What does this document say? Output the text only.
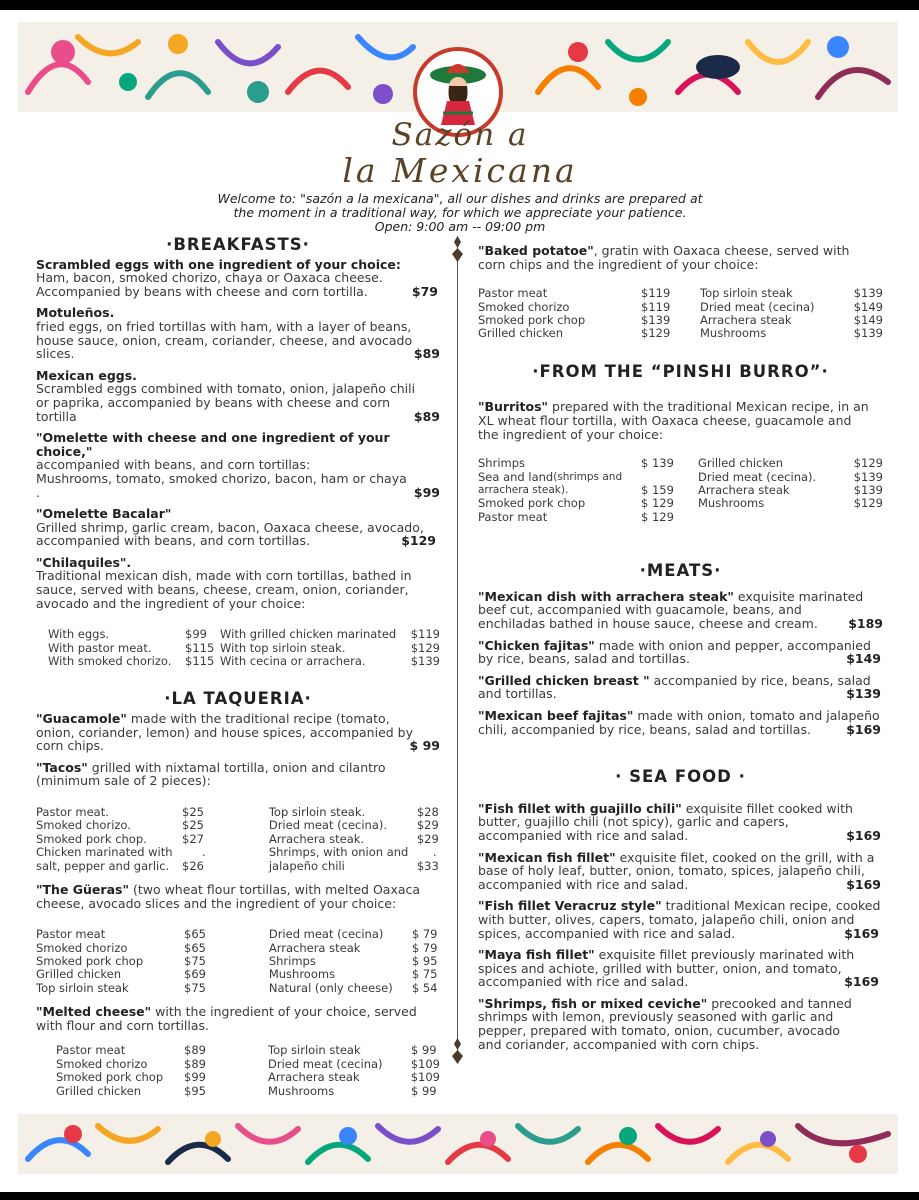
Sazón a
la Mexicana
Welcome to: "sazón a la mexicana", all our dishes and drinks are prepared at
the moment in a traditional way, for which we appreciate your patience.
Open: 9:00 am -- 09:00 pm
·BREAKFASTS·
Scrambled eggs with one ingredient of your choice:
Ham, bacon, smoked chorizo, chaya or Oaxaca cheese.
Accompanied by beans with cheese and corn tortilla.	$79
Motuleños.
fried eggs, on fried tortillas with ham, with a layer of beans,
house sauce, onion, cream, coriander, cheese, and avocado
slices.	$89
Mexican eggs.
Scrambled eggs combined with tomato, onion, jalapeño chili
or paprika, accompanied by beans with cheese and corn
tortilla	$89
"Omelette with cheese and one ingredient of your choice,"
accompanied with beans, and corn tortillas:
Mushrooms, tomato, smoked chorizo, bacon, ham or chaya
.	$99
"Omelette Bacalar"
Grilled shrimp, garlic cream, bacon, Oaxaca cheese, avocado,
accompanied with beans, and corn tortillas.	$129
"Chilaquiles".
Traditional mexican dish, made with corn tortillas, bathed in
sauce, served with beans, cheese, cream, onion, coriander,
avocado and the ingredient of your choice:
With eggs.	$99
With pastor meat.	$115
With smoked chorizo.	$115
With grilled chicken marinated	$119
With top sirloin steak.	$129
With cecina or arrachera.	$139
·LA TAQUERIA·
"Guacamole" made with the traditional recipe (tomato,
onion, coriander, lemon) and house spices, accompanied by
corn chips.	$ 99
"Tacos" grilled with nixtamal tortilla, onion and cilantro
(minimum sale of 2 pieces):
Pastor meat.	$25
Smoked chorizo.	$25
Smoked pork chop.	$27
Chicken marinated with	.
salt, pepper and garlic.	$26
Top sirloin steak.	$28
Dried meat (cecina).	$29
Arrachera steak.	$29
Shrimps, with onion and	.
jalapeño chili	$33
"The Güeras" (two wheat flour tortillas, with melted Oaxaca
cheese, avocado slices and the ingredient of your choice:
Pastor meat	$65
Smoked chorizo	$65
Smoked pork chop	$75
Grilled chicken	$69
Top sirloin steak	$75
Dried meat (cecina)	$ 79
Arrachera steak	$ 79
Shrimps	$ 95
Mushrooms	$ 75
Natural (only cheese)	$ 54
"Melted cheese" with the ingredient of your choice, served
with flour and corn tortillas.
Pastor meat	$89
Smoked chorizo	$89
Smoked pork chop	$99
Grilled chicken	$95
Top sirloin steak	$ 99
Dried meat (cecina)	$109
Arrachera steak	$109
Mushrooms	$ 99
"Baked potatoe", gratin with Oaxaca cheese, served with
corn chips and the ingredient of your choice:
Pastor meat	$119
Smoked chorizo	$119
Smoked pork chop	$139
Grilled chicken	$129
Top sirloin steak	$139
Dried meat (cecina)	$149
Arrachera steak	$149
Mushrooms	$139
·FROM THE “PINSHI BURRO”·
"Burritos" prepared with the traditional Mexican recipe, in an
XL wheat flour tortilla, with Oaxaca cheese, guacamole and
the ingredient of your choice:
Shrimps	$ 139
Sea and land (shrimps and
arrachera steak).	$ 159
Smoked pork chop	$ 129
Pastor meat	$ 129
Grilled chicken	$129
Dried meat (cecina).	$139
Arrachera steak	$139
Mushrooms	$129
·MEATS·
"Mexican dish with arrachera steak" exquisite marinated
beef cut, accompanied with guacamole, beans, and
enchiladas bathed in house sauce, cheese and cream. $189
"Chicken fajitas" made with onion and pepper, accompanied
by rice, beans, salad and tortillas.	$149
"Grilled chicken breast " accompanied by rice, beans, salad
and tortillas.	$139
"Mexican beef fajitas" made with onion, tomato and jalapeño
chili, accompanied by rice, beans, salad and tortillas.	$169
· SEA FOOD ·
"Fish fillet with guajillo chili" exquisite fillet cooked with
butter, guajillo chili (not spicy), garlic and capers,
accompanied with rice and salad.	$169
"Mexican fish fillet" exquisite filet, cooked on the grill, with a
base of holy leaf, butter, onion, tomato, spices, jalapeño chili,
accompanied with rice and salad.	$169
"Fish fillet Veracruz style" traditional Mexican recipe, cooked
with butter, olives, capers, tomato, jalapeño chili, onion and
spices, accompanied with rice and salad.	$169
"Maya fish fillet" exquisite fillet previously marinated with
spices and achiote, grilled with butter, onion, and tomato,
accompanied with rice and salad.	$169
"Shrimps, fish or mixed ceviche" precooked and tanned
shrimps with lemon, previously seasoned with garlic and
pepper, prepared with tomato, onion, cucumber, avocado
and coriander, accompanied with corn chips.
